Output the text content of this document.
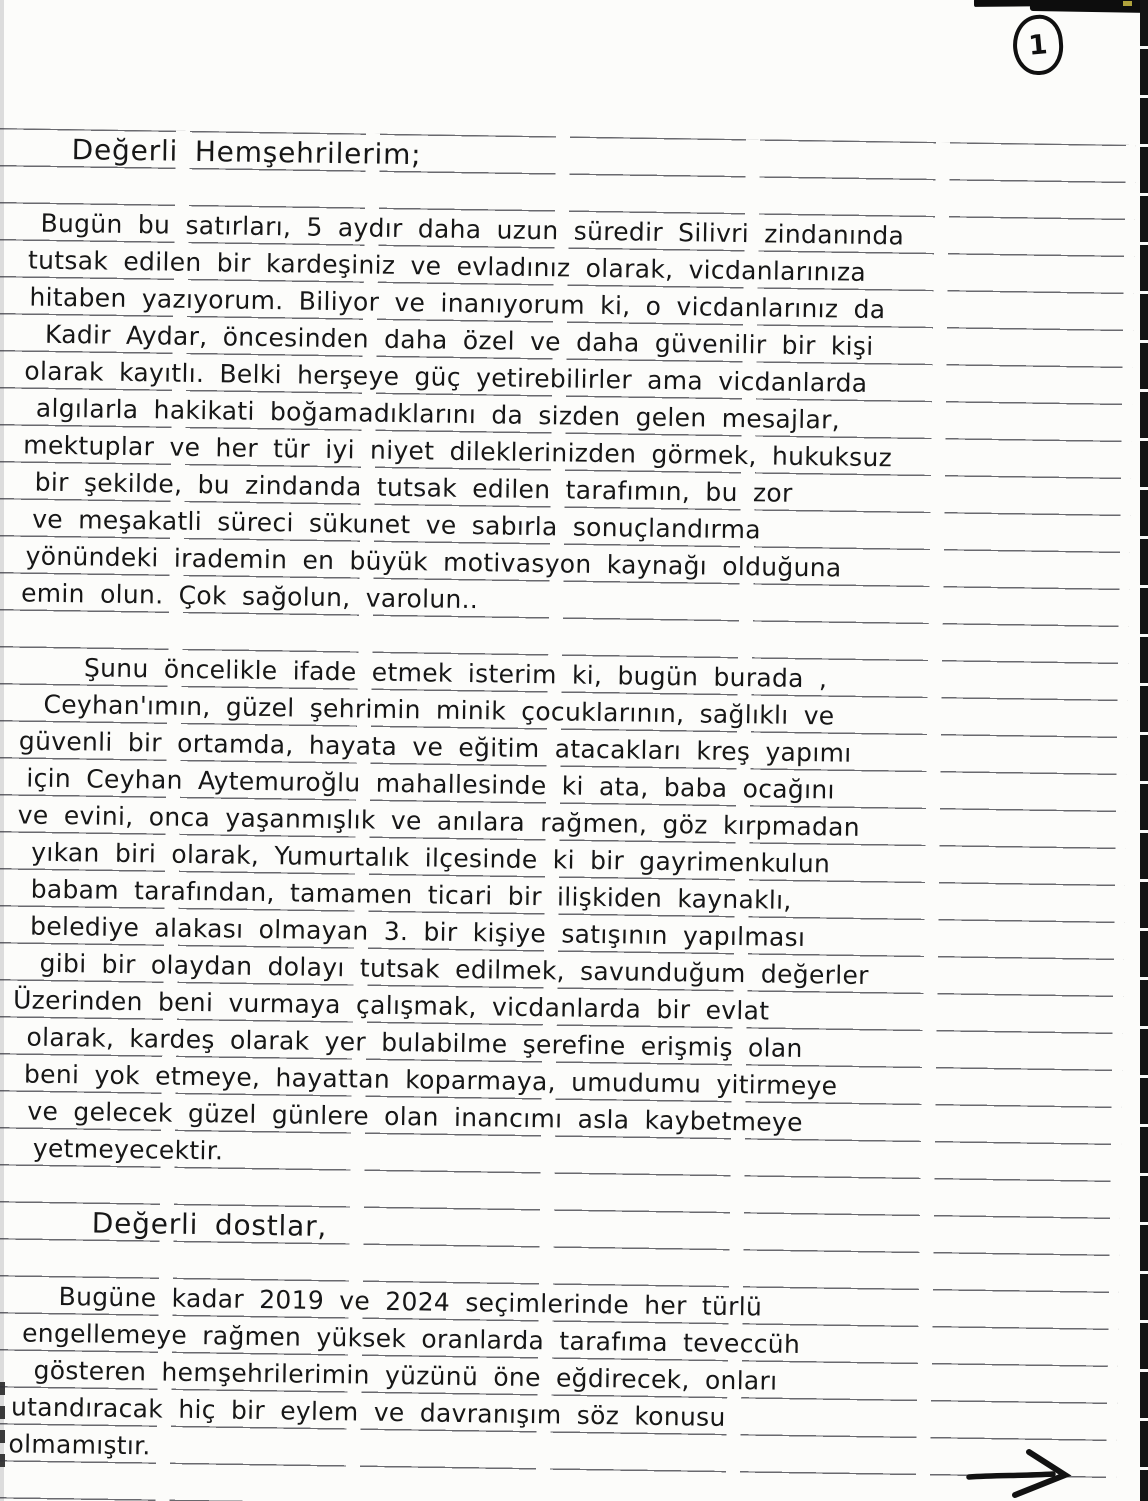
1
Değerli Hemşehrilerim;
Bugün bu satırları, 5 aydır daha uzun süredir Silivri zindanında
tutsak edilen bir kardeşiniz ve evladınız olarak, vicdanlarınıza
hitaben yazıyorum. Biliyor ve inanıyorum ki, o vicdanlarınız da
Kadir Aydar, öncesinden daha özel ve daha güvenilir bir kişi
olarak kayıtlı. Belki herşeye güç yetirebilirler ama vicdanlarda
algılarla hakikati boğamadıklarını da sizden gelen mesajlar,
mektuplar ve her tür iyi niyet dileklerinizden görmek, hukuksuz
bir şekilde, bu zindanda tutsak edilen tarafımın, bu zor
ve meşakatli süreci sükunet ve sabırla sonuçlandırma
yönündeki irademin en büyük motivasyon kaynağı olduğuna
emin olun. Çok sağolun, varolun..
Şunu öncelikle ifade etmek isterim ki, bugün burada ,
Ceyhan'ımın, güzel şehrimin minik çocuklarının, sağlıklı ve
güvenli bir ortamda, hayata ve eğitim atacakları kreş yapımı
için Ceyhan Aytemuroğlu mahallesinde ki ata, baba ocağını
ve evini, onca yaşanmışlık ve anılara rağmen, göz kırpmadan
yıkan biri olarak, Yumurtalık ilçesinde ki bir gayrimenkulun
babam tarafından, tamamen ticari bir ilişkiden kaynaklı,
belediye alakası olmayan 3. bir kişiye satışının yapılması
gibi bir olaydan dolayı tutsak edilmek, savunduğum değerler
Üzerinden beni vurmaya çalışmak, vicdanlarda bir evlat
olarak, kardeş olarak yer bulabilme şerefine erişmiş olan
beni yok etmeye, hayattan koparmaya, umudumu yitirmeye
ve gelecek güzel günlere olan inancımı asla kaybetmeye
yetmeyecektir.
Değerli dostlar,
Bugüne kadar 2019 ve 2024 seçimlerinde her türlü
engellemeye rağmen yüksek oranlarda tarafıma teveccüh
gösteren hemşehrilerimin yüzünü öne eğdirecek, onları
utandıracak hiç bir eylem ve davranışım söz konusu
olmamıştır.
